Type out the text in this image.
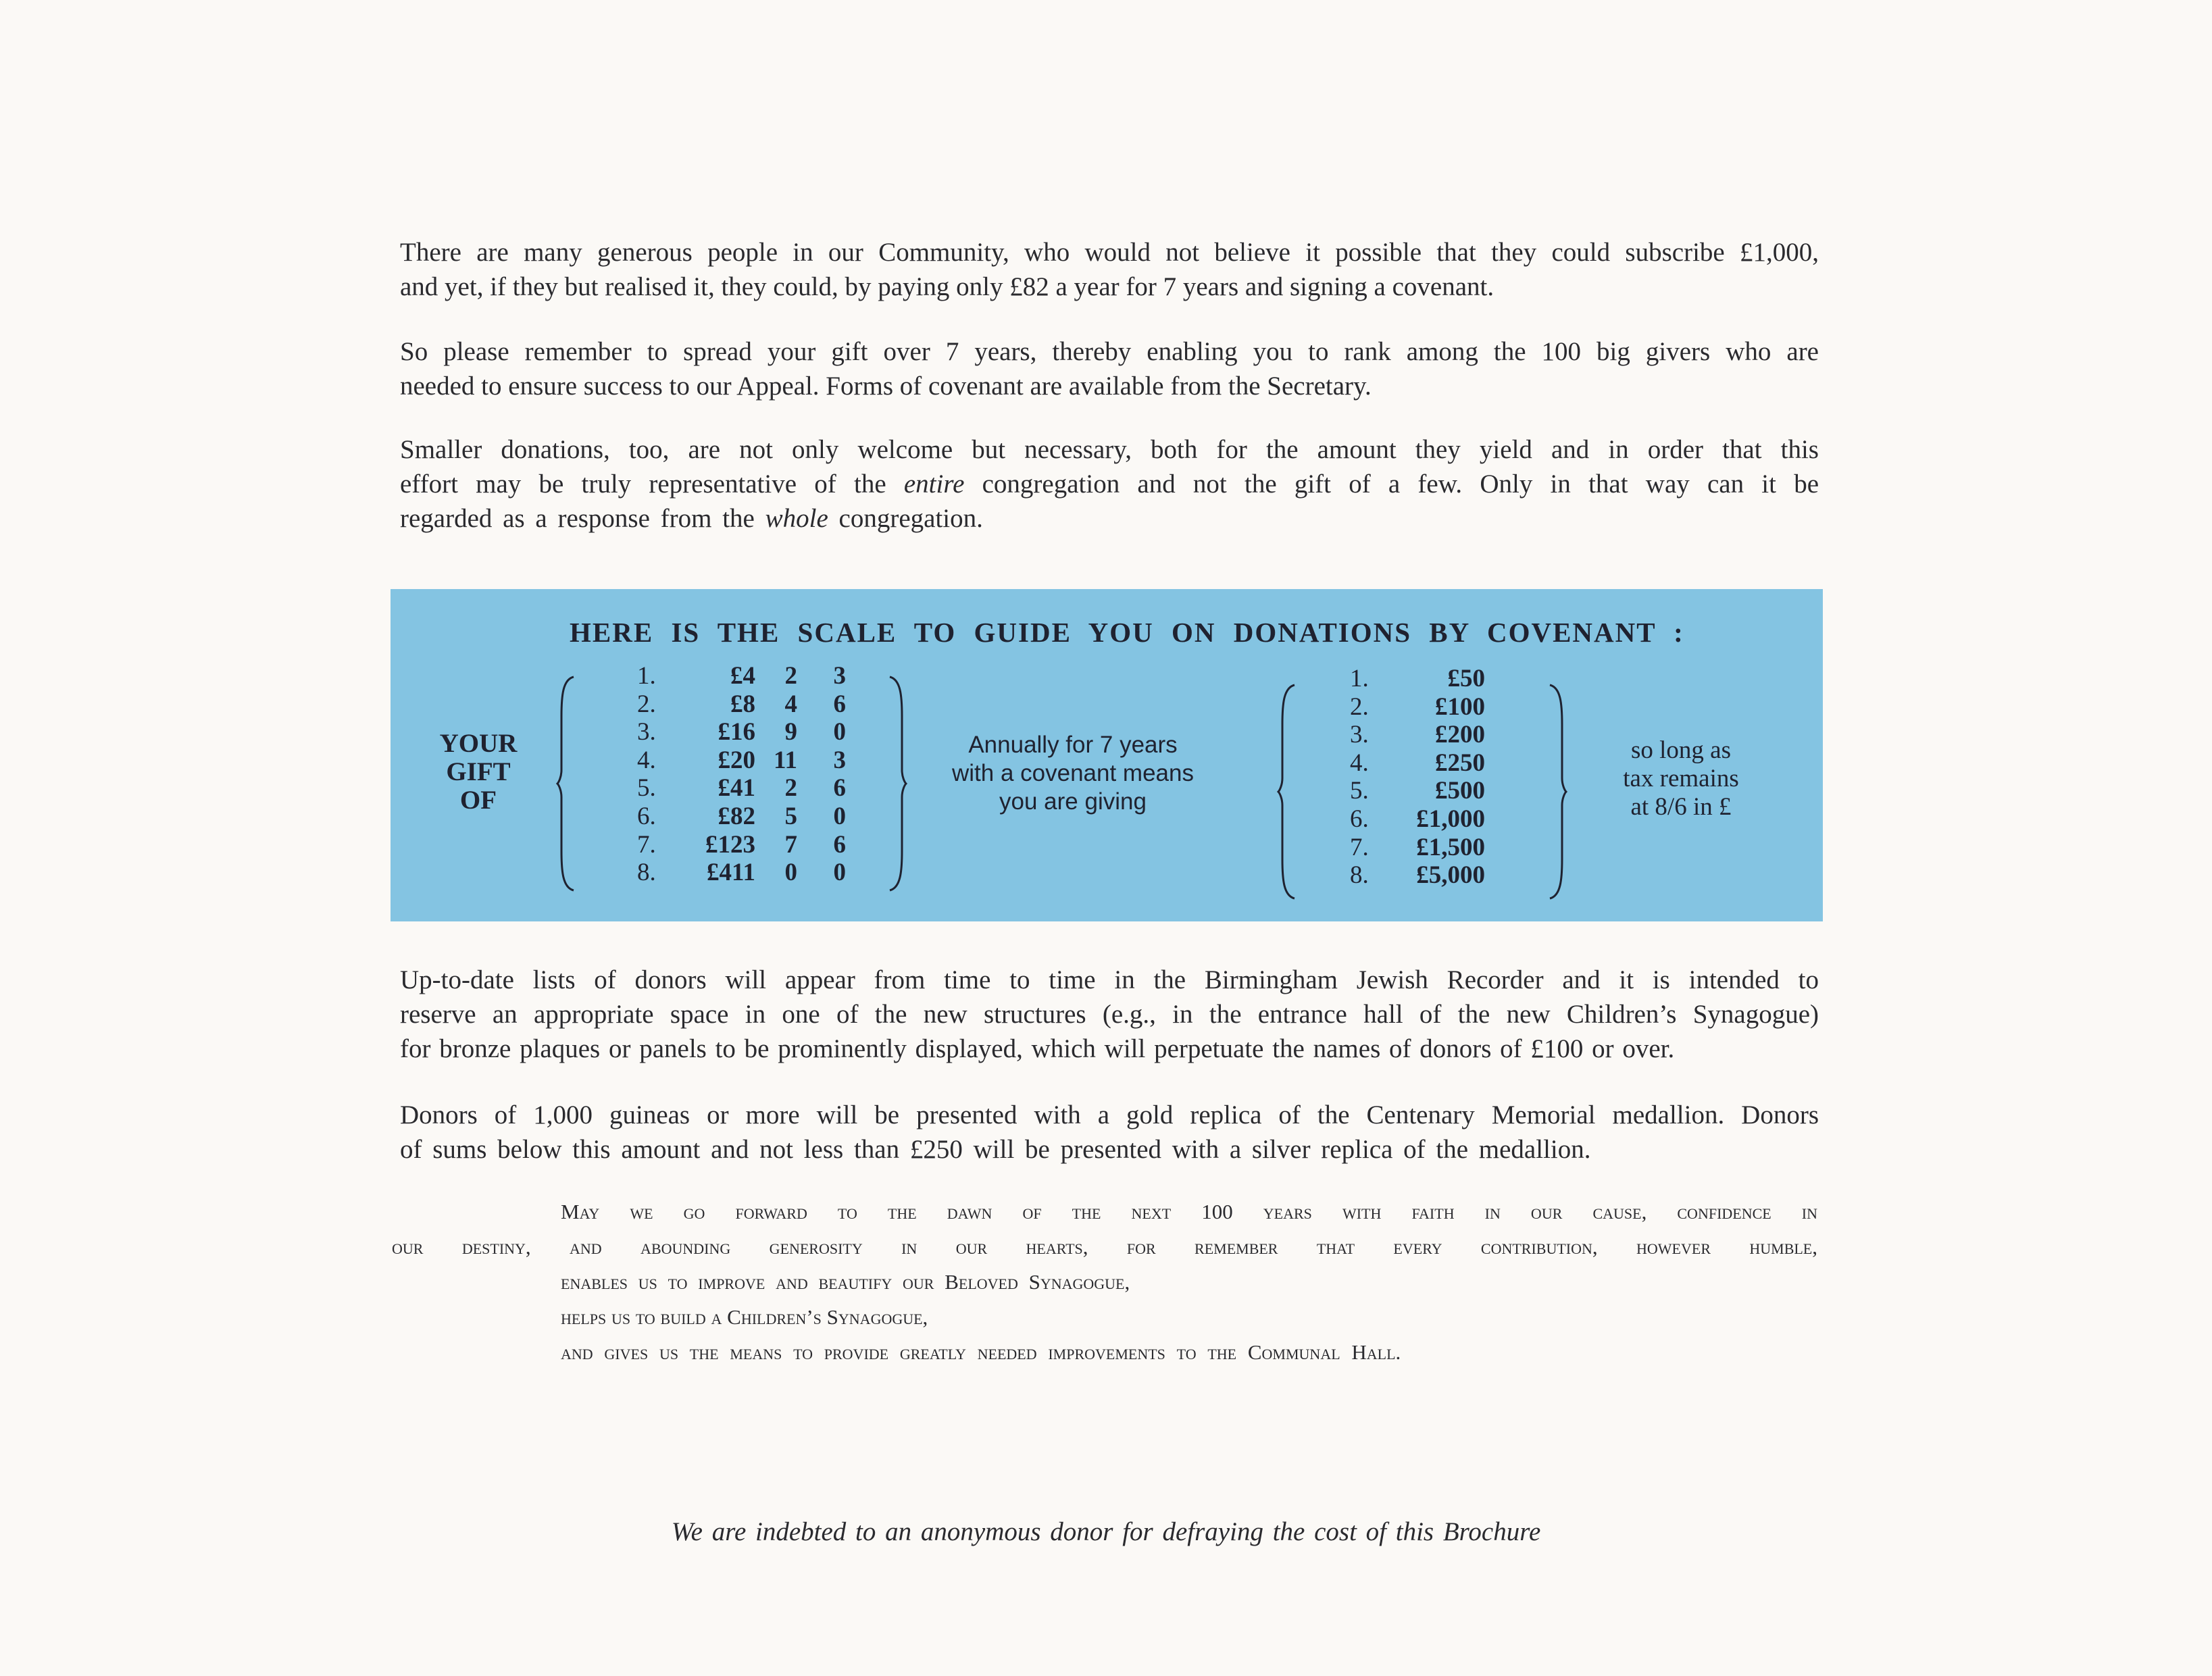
There are many generous people in our Community, who would not believe it possible that they could subscribe £1,000,
and yet, if they but realised it, they could, by paying only £82 a year for 7 years and signing a covenant.
So please remember to spread your gift over 7 years, thereby enabling you to rank among the 100 big givers who are
needed to ensure success to our Appeal. Forms of covenant are available from the Secretary.
Smaller donations, too, are not only welcome but necessary, both for the amount they yield and in order that this
effort may be truly representative of the entire congregation and not the gift of a few. Only in that way can it be
regarded as a response from the whole congregation.
HERE IS THE SCALE TO GUIDE YOU ON DONATIONS BY COVENANT :
YOUR
GIFT
OF
1.	£4	2	3
2.	£8	4	6
3.	£16	9	0
4.	£20 11	3
5.	£41	2	6
6.	£82	5	0
7.	£123	7	6
8.	£411	0	0
Annually for 7 years
with a covenant means
you are giving
1.	£50
2.	£100
3.	£200
4.	£250
5.	£500
6.	£1,000
7.	£1,500
8.	£5,000
so long as
tax remains
at 8/6 in £
Up-to-date lists of donors will appear from time to time in the Birmingham Jewish Recorder and it is intended to
reserve an appropriate space in one of the new structures (e.g., in the entrance hall of the new Children’s Synagogue)
for bronze plaques or panels to be prominently displayed, which will perpetuate the names of donors of £100 or over.
Donors of 1,000 guineas or more will be presented with a gold replica of the Centenary Memorial medallion. Donors
of sums below this amount and not less than £250 will be presented with a silver replica of the medallion.
May we go forward to the dawn of the next 100 years with faith in our cause, confidence in
our destiny, and abounding generosity in our hearts, for remember that every contribution, however humble,
enables us to improve and beautify our Beloved Synagogue,
helps us to build a Children’s Synagogue,
and gives us the means to provide greatly needed improvements to the Communal Hall.
We are indebted to an anonymous donor for defraying the cost of this Brochure
